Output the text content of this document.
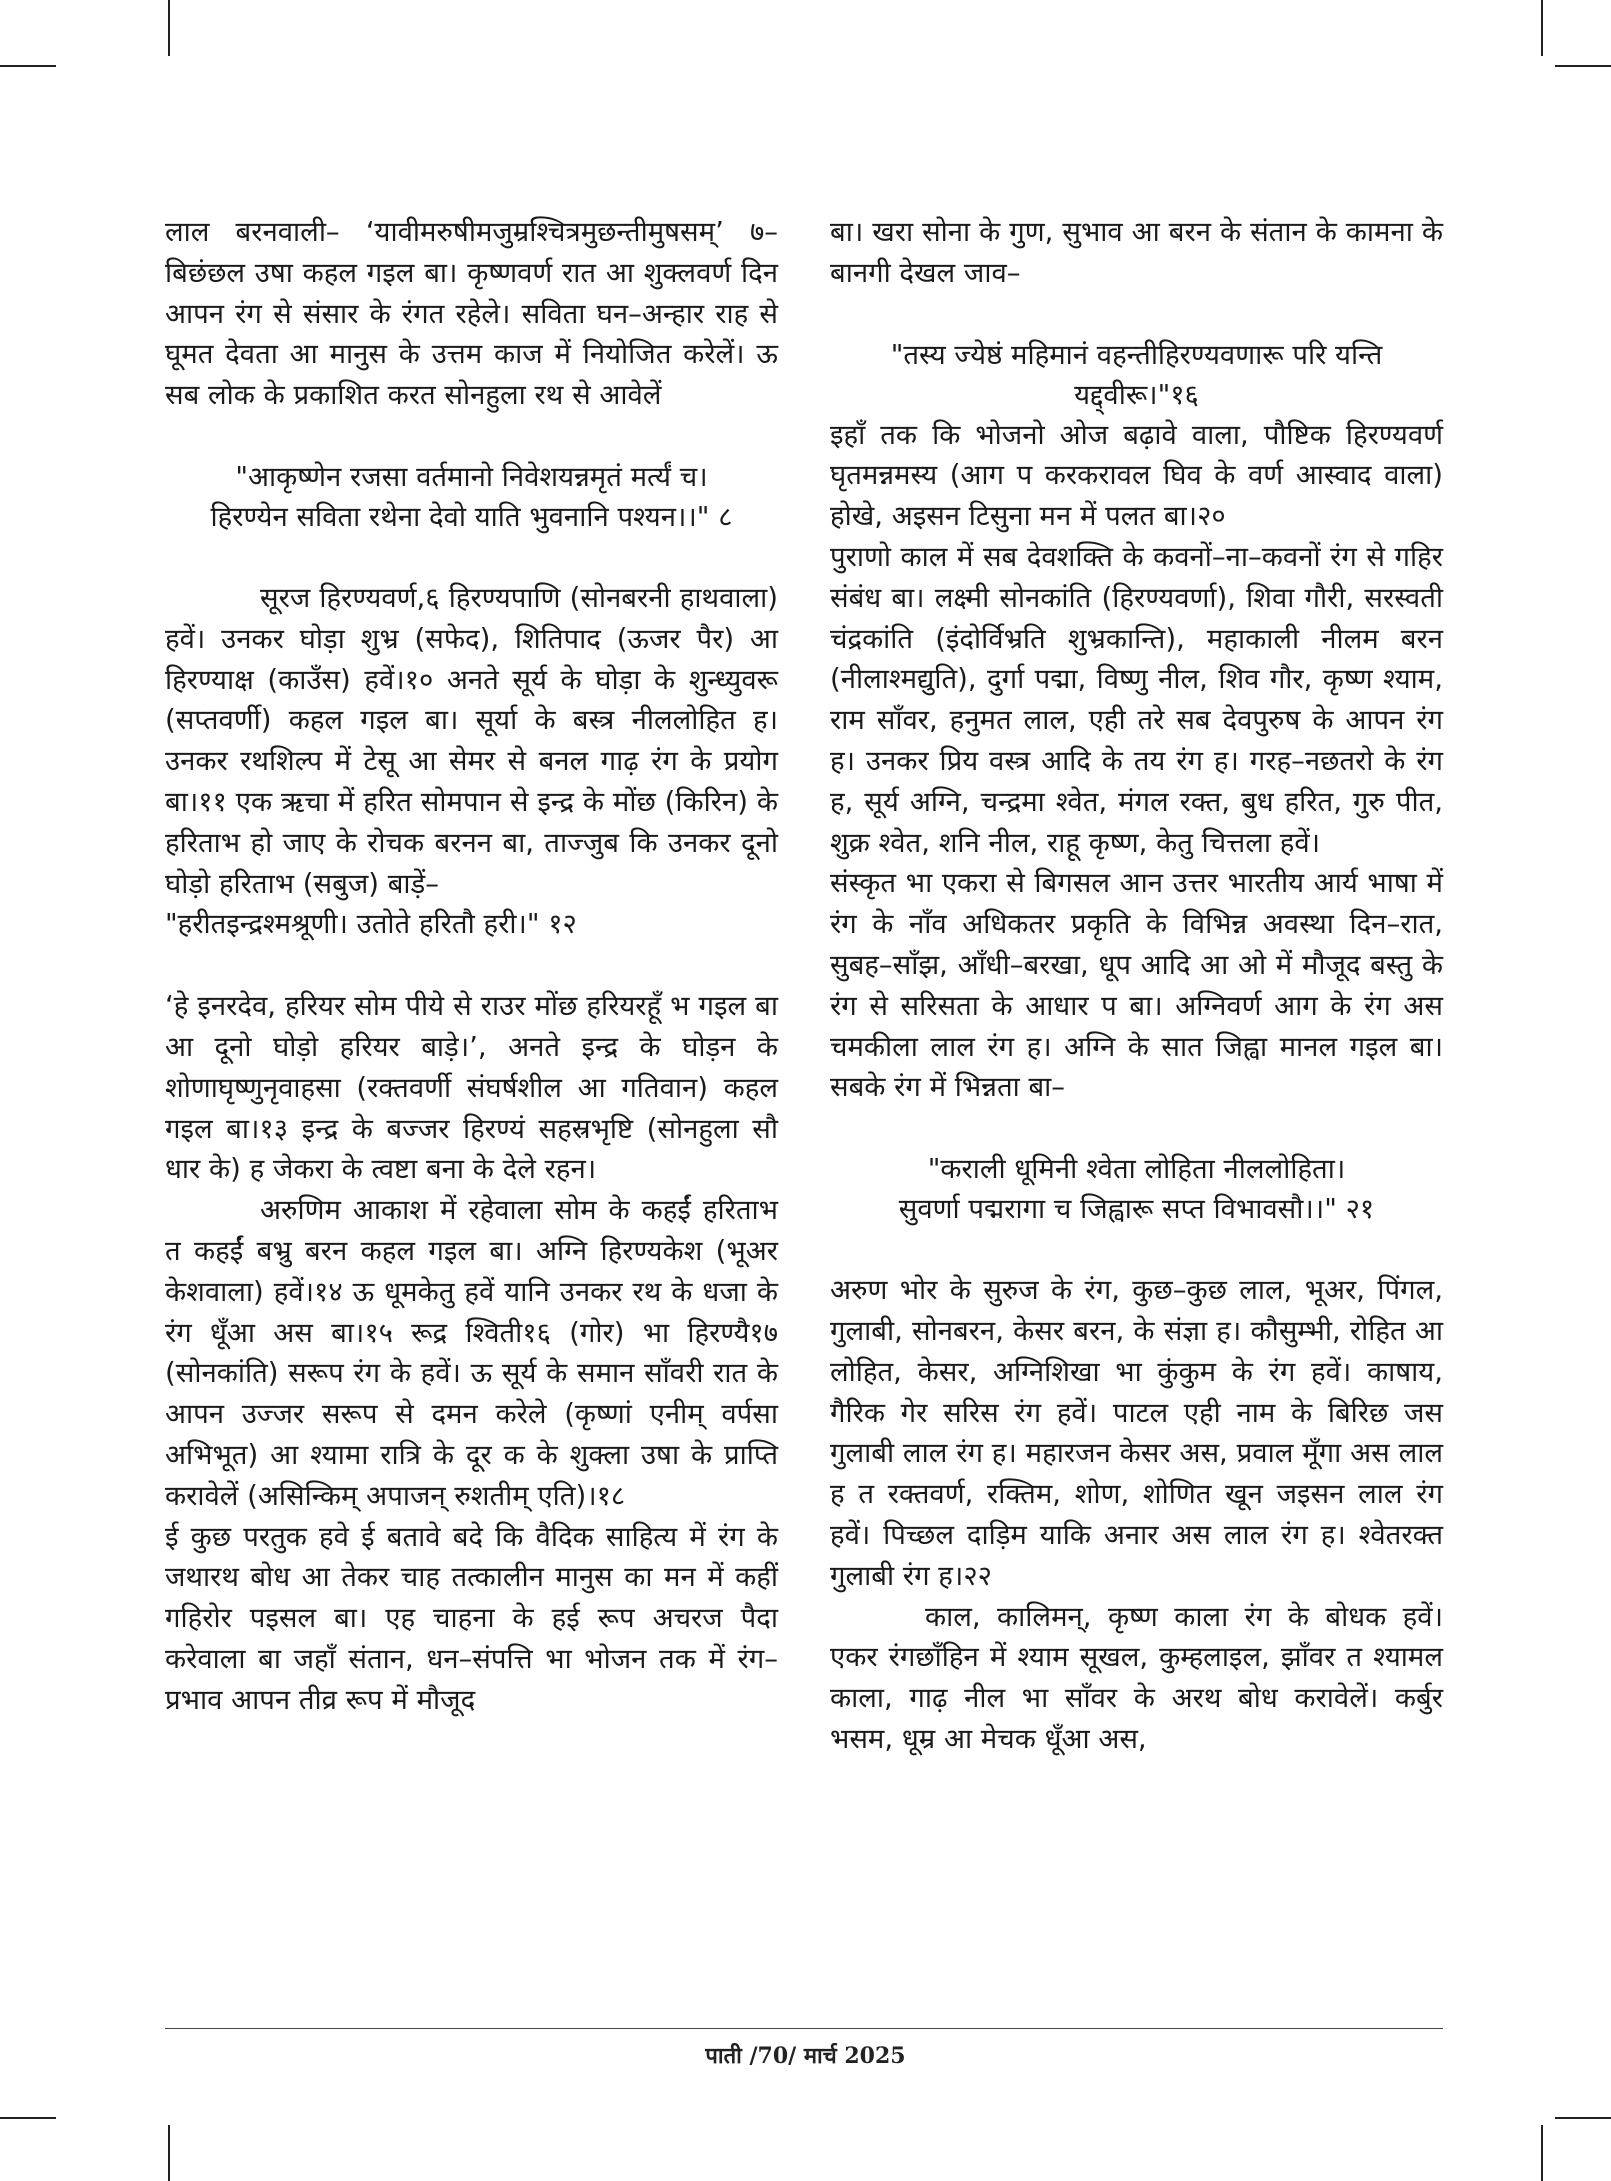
लाल बरनवाली– ‘यावीमरुषीमजुम्रश्चित्रमुछन्तीमुषसम्’ ७– बिछंछल उषा कहल गइल बा। कृष्णवर्ण रात आ शुक्लवर्ण दिन आपन रंग से संसार के रंगत रहेले। सविता घन–अन्हार राह से घूमत देवता आ मानुस के उत्तम काज में नियोजित करेलें। ऊ सब लोक के प्रकाशित करत सोनहुला रथ से आवेलें

"आकृष्णेन रजसा वर्तमानो निवेशयन्नमृतं मर्त्यं च।

हिरण्येन सविता रथेना देवो याति भुवनानि पश्यन।।" ८

सूरज हिरण्यवर्ण,६ हिरण्यपाणि (सोनबरनी हाथवाला) हवें। उनकर घोड़ा शुभ्र (सफेद), शितिपाद (ऊजर पैर) आ हिरण्याक्ष (काउँस) हवें।१० अनते सूर्य के घोड़ा के शुन्ध्युवरू (सप्तवर्णी) कहल गइल बा। सूर्या के बस्त्र नीललोहित ह। उनकर रथशिल्प में टेसू आ सेमर से बनल गाढ़ रंग के प्रयोग बा।११ एक ऋचा में हरित सोमपान से इन्द्र के मोंछ (किरिन) के हरिताभ हो जाए के रोचक बरनन बा, ताज्जुब कि उनकर दूनो घोड़ो हरिताभ (सबुज) बाड़ें–

"हरीतइन्द्रश्मश्रूणी। उतोते हरितौ हरी।" १२

‘हे इनरदेव, हरियर सोम पीये से राउर मोंछ हरियरहूँ भ गइल बा आ दूनो घोड़ो हरियर बाड़े।’, अनते इन्द्र के घोड़न के शोणाघृष्णुनृवाहसा (रक्तवर्णी संघर्षशील आ गतिवान) कहल गइल बा।१३ इन्द्र के बज्जर हिरण्यं सहस्रभृष्टि (सोनहुला सौ धार के) ह जेकरा के त्वष्टा बना के देले रहन।

अरुणिम आकाश में रहेवाला सोम के कहईं हरिताभ त कहईं बभ्रु बरन कहल गइल बा। अग्नि हिरण्यकेश (भूअर केशवाला) हवें।१४ ऊ धूमकेतु हवें यानि उनकर रथ के धजा के रंग धूँआ अस बा।१५ रूद्र श्विती१६ (गोर) भा हिरण्यै१७ (सोनकांति) सरूप रंग के हवें। ऊ सूर्य के समान साँवरी रात के आपन उज्जर सरूप से दमन करेले (कृष्णां एनीम् वर्पसा अभिभूत) आ श्यामा रात्रि के दूर क के शुक्ला उषा के प्राप्ति करावेलें (असिन्किम् अपाजन् रुशतीम् एति)।१८

ई कुछ परतुक हवे ई बतावे बदे कि वैदिक साहित्य में रंग के जथारथ बोध आ तेकर चाह तत्कालीन मानुस का मन में कहीं गहिरोर पइसल बा। एह चाहना के हई रूप अचरज पैदा करेवाला बा जहाँ संतान, धन–संपत्ति भा भोजन तक में रंग–प्रभाव आपन तीव्र रूप में मौजूद

बा। खरा सोना के गुण, सुभाव आ बरन के संतान के कामना के बानगी देखल जाव–

"तस्य ज्येष्ठं महिमानं वहन्तीहिरण्यवणारू परि यन्ति

यद्द्वीरू।"१६

इहाँ तक कि भोजनो ओज बढ़ावे वाला, पौष्टिक हिरण्यवर्ण घृतमन्नमस्य (आग प करकरावल घिव के वर्ण आस्वाद वाला) होखे, अइसन टिसुना मन में पलत बा।२०

पुराणो काल में सब देवशक्ति के कवनों–ना–कवनों रंग से गहिर संबंध बा। लक्ष्मी सोनकांति (हिरण्यवर्णा), शिवा गौरी, सरस्वती चंद्रकांति (इंदोर्विभ्रति शुभ्रकान्ति), महाकाली नीलम बरन (नीलाश्मद्युति), दुर्गा पद्मा, विष्णु नील, शिव गौर, कृष्ण श्याम, राम साँवर, हनुमत लाल, एही तरे सब देवपुरुष के आपन रंग ह। उनकर प्रिय वस्त्र आदि के तय रंग ह। गरह–नछतरो के रंग ह, सूर्य अग्नि, चन्द्रमा श्वेत, मंगल रक्त, बुध हरित, गुरु पीत, शुक्र श्वेत, शनि नील, राहू कृष्ण, केतु चित्तला हवें।

संस्कृत भा एकरा से बिगसल आन उत्तर भारतीय आर्य भाषा में रंग के नाँव अधिकतर प्रकृति के विभिन्न अवस्था दिन–रात, सुबह–साँझ, आँधी–बरखा, धूप आदि आ ओ में मौजूद बस्तु के रंग से सरिसता के आधार प बा। अग्निवर्ण आग के रंग अस चमकीला लाल रंग ह। अग्नि के सात जिह्वा मानल गइल बा। सबके रंग में भिन्नता बा–

"कराली धूमिनी श्वेता लोहिता नीललोहिता।

सुवर्णा पद्मरागा च जिह्वारू सप्त विभावसौ।।" २१

अरुण भोर के सुरुज के रंग, कुछ–कुछ लाल, भूअर, पिंगल, गुलाबी, सोनबरन, केसर बरन, के संज्ञा ह। कौसुम्भी, रोहित आ लोहित, केसर, अग्निशिखा भा कुंकुम के रंग हवें। काषाय, गैरिक गेर सरिस रंग हवें। पाटल एही नाम के बिरिछ जस गुलाबी लाल रंग ह। महारजन केसर अस, प्रवाल मूँगा अस लाल ह त रक्तवर्ण, रक्तिम, शोण, शोणित खून जइसन लाल रंग हवें। पिच्छल दाड़िम याकि अनार अस लाल रंग ह। श्वेतरक्त गुलाबी रंग ह।२२

काल, कालिमन्, कृष्ण काला रंग के बोधक हवें। एकर रंगछाँहिन में श्याम सूखल, कुम्हलाइल, झाँवर त श्यामल काला, गाढ़ नील भा साँवर के अरथ बोध करावेलें। कर्बुर भसम, धूम्र आ मेचक धूँआ अस,

पाती /70/ मार्च 2025
